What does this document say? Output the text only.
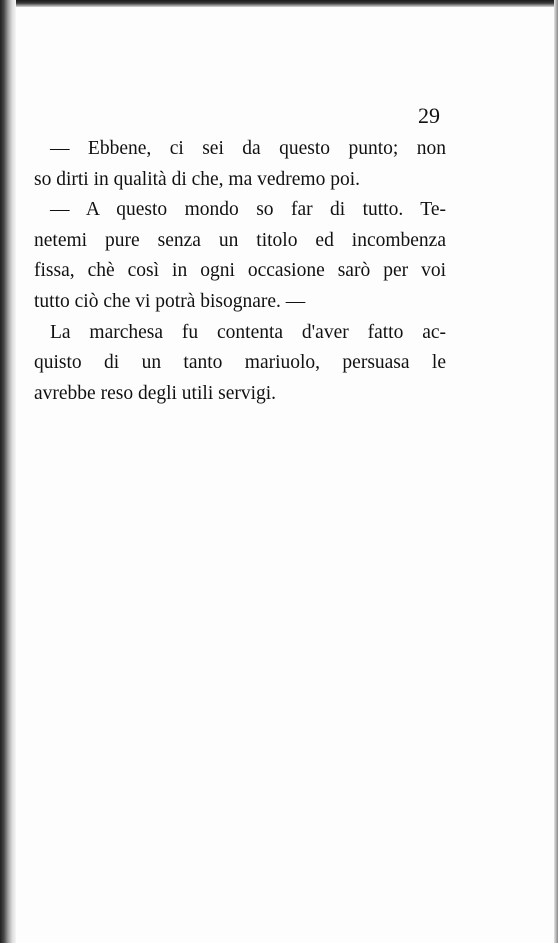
29
— Ebbene, ci sei da questo punto; non
so dirti in qualità di che, ma vedremo poi.
— A questo mondo so far di tutto. Te-
netemi pure senza un titolo ed incombenza
fissa, chè così in ogni occasione sarò per voi
tutto ciò che vi potrà bisognare. —
La marchesa fu contenta d'aver fatto ac-
quisto di un tanto mariuolo, persuasa le
avrebbe reso degli utili servigi.
